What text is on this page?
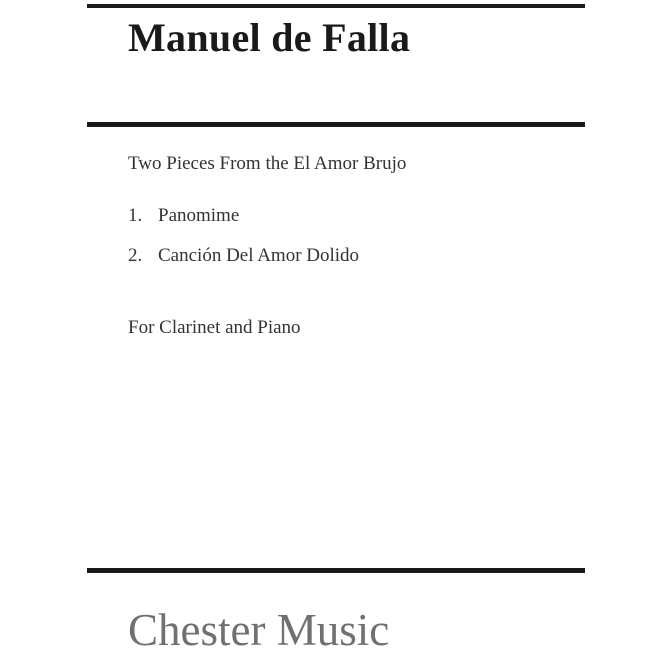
Manuel de Falla

Two Pieces From the El Amor Brujo

1. Panomime
2. Canción Del Amor Dolido

For Clarinet and Piano

Chester Music
